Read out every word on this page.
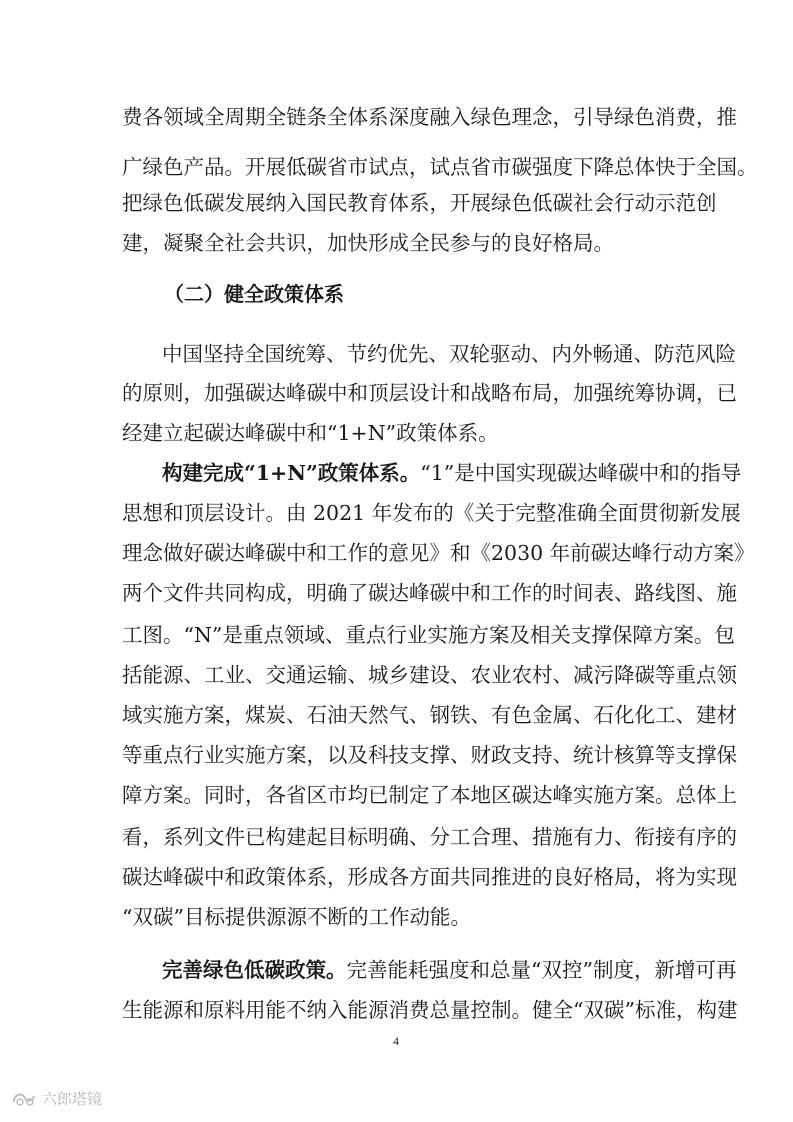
费各领域全周期全链条全体系深度融入绿色理念，引导绿色消费，推
广绿色产品。开展低碳省市试点，试点省市碳强度下降总体快于全国。
把绿色低碳发展纳入国民教育体系，开展绿色低碳社会行动示范创
建，凝聚全社会共识，加快形成全民参与的良好格局。
（二）健全政策体系
中国坚持全国统筹、节约优先、双轮驱动、内外畅通、防范风险
的原则，加强碳达峰碳中和顶层设计和战略布局，加强统筹协调，已
经建立起碳达峰碳中和“1+N”政策体系。
构建完成“1+N”政策体系。“1”是中国实现碳达峰碳中和的指导
思想和顶层设计。由 2021 年发布的《关于完整准确全面贯彻新发展
理念做好碳达峰碳中和工作的意见》和《2030 年前碳达峰行动方案》
两个文件共同构成，明确了碳达峰碳中和工作的时间表、路线图、施
工图。“N”是重点领域、重点行业实施方案及相关支撑保障方案。包
括能源、工业、交通运输、城乡建设、农业农村、减污降碳等重点领
域实施方案，煤炭、石油天然气、钢铁、有色金属、石化化工、建材
等重点行业实施方案，以及科技支撑、财政支持、统计核算等支撑保
障方案。同时，各省区市均已制定了本地区碳达峰实施方案。总体上
看，系列文件已构建起目标明确、分工合理、措施有力、衔接有序的
碳达峰碳中和政策体系，形成各方面共同推进的良好格局，将为实现
“双碳”目标提供源源不断的工作动能。
完善绿色低碳政策。完善能耗强度和总量“双控”制度，新增可再
生能源和原料用能不纳入能源消费总量控制。健全“双碳”标准，构建
4
六郎塔镜
